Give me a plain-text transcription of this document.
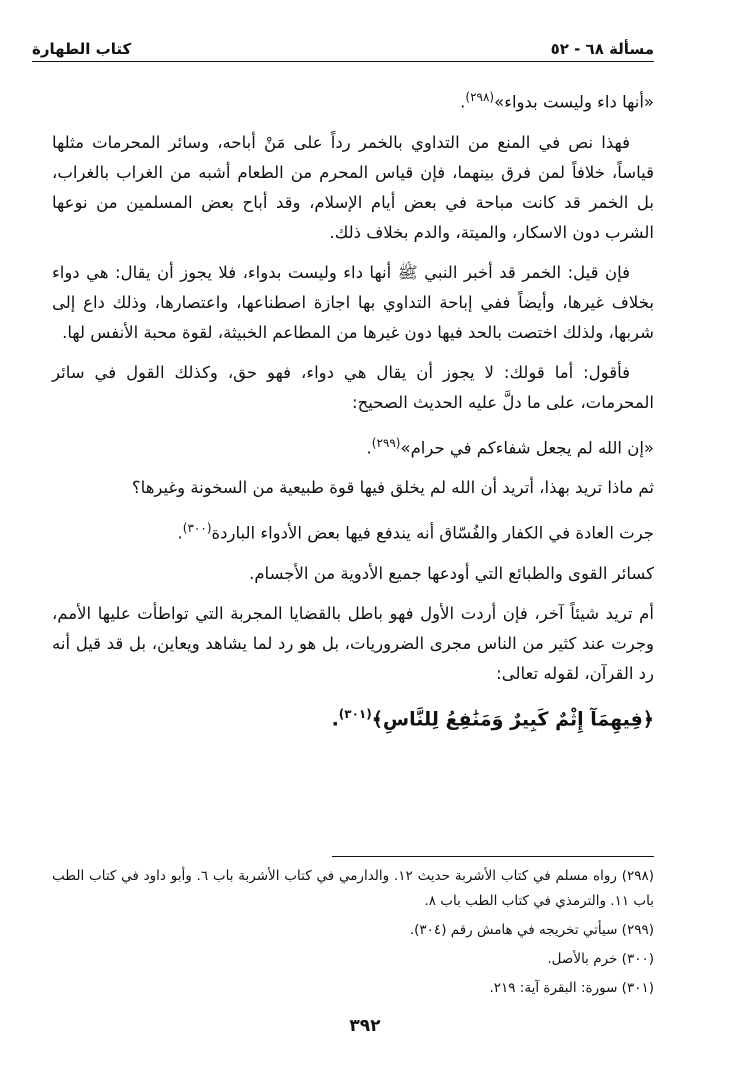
مسألة ٦٨ - ٥٢
كتاب الطهارة

«أنها داء وليست بدواء»$^{(٢٩٨)}$.

فهذا نص في المنع من التداوي بالخمر رداً على مَنْ أباحه، وسائر المحرمات مثلها قياساً، خلافاً لمن فرق بينهما، فإن قياس المحرم من الطعام أشبه من الغراب بالغراب، بل الخمر قد كانت مباحة في بعض أيام الإسلام، وقد أباح بعض المسلمين من نوعها الشرب دون الاسكار، والميتة، والدم بخلاف ذلك.

فإن قيل: الخمر قد أخبر النبي ﷺ أنها داء وليست بدواء، فلا يجوز أن يقال: هي دواء بخلاف غيرها، وأيضاً ففي إباحة التداوي بها اجازة اصطناعها، واعتصارها، وذلك داع إلى شربها، ولذلك اختصت بالحد فيها دون غيرها من المطاعم الخبيثة، لقوة محبة الأنفس لها.

فأقول: أما قولك: لا يجوز أن يقال هي دواء، فهو حق، وكذلك القول في سائر المحرمات، على ما دلَّ عليه الحديث الصحيح:

«إن الله لم يجعل شفاءكم في حرام»$^{(٢٩٩)}$.

ثم ماذا تريد بهذا، أتريد أن الله لم يخلق فيها قوة طبيعية من السخونة وغيرها؟

جرت العادة في الكفار والفُسّاق أنه يندفع فيها بعض الأدواء الباردة$^{(٣٠٠)}$.

كسائر القوى والطبائع التي أودعها جميع الأدوية من الأجسام.

أم تريد شيئاً آخر، فإن أردت الأول فهو باطل بالقضايا المجربة التي تواطأت عليها الأمم، وجرت عند كثير من الناس مجرى الضروريات، بل هو رد لما يشاهد ويعاين، بل قد قيل أنه رد القرآن، لقوله تعالى:

﴿فِيهِمَآ إِثْمٌ كَبِيرٌ وَمَنَٰفِعُ لِلنَّاسِ﴾$^{(٣٠١)}$.

(٢٩٨) رواه مسلم في كتاب الأشربة حديث ١٢. والدارمي في كتاب الأشربة باب ٦. وأبو داود في كتاب الطب باب ١١. والترمذي في كتاب الطب باب ٨.

(٢٩٩) سيأتي تخريجه في هامش رقم (٣٠٤).

(٣٠٠) خرم بالأصل.

(٣٠١) سورة: البقرة آية: ٢١٩.

٣٩٢
